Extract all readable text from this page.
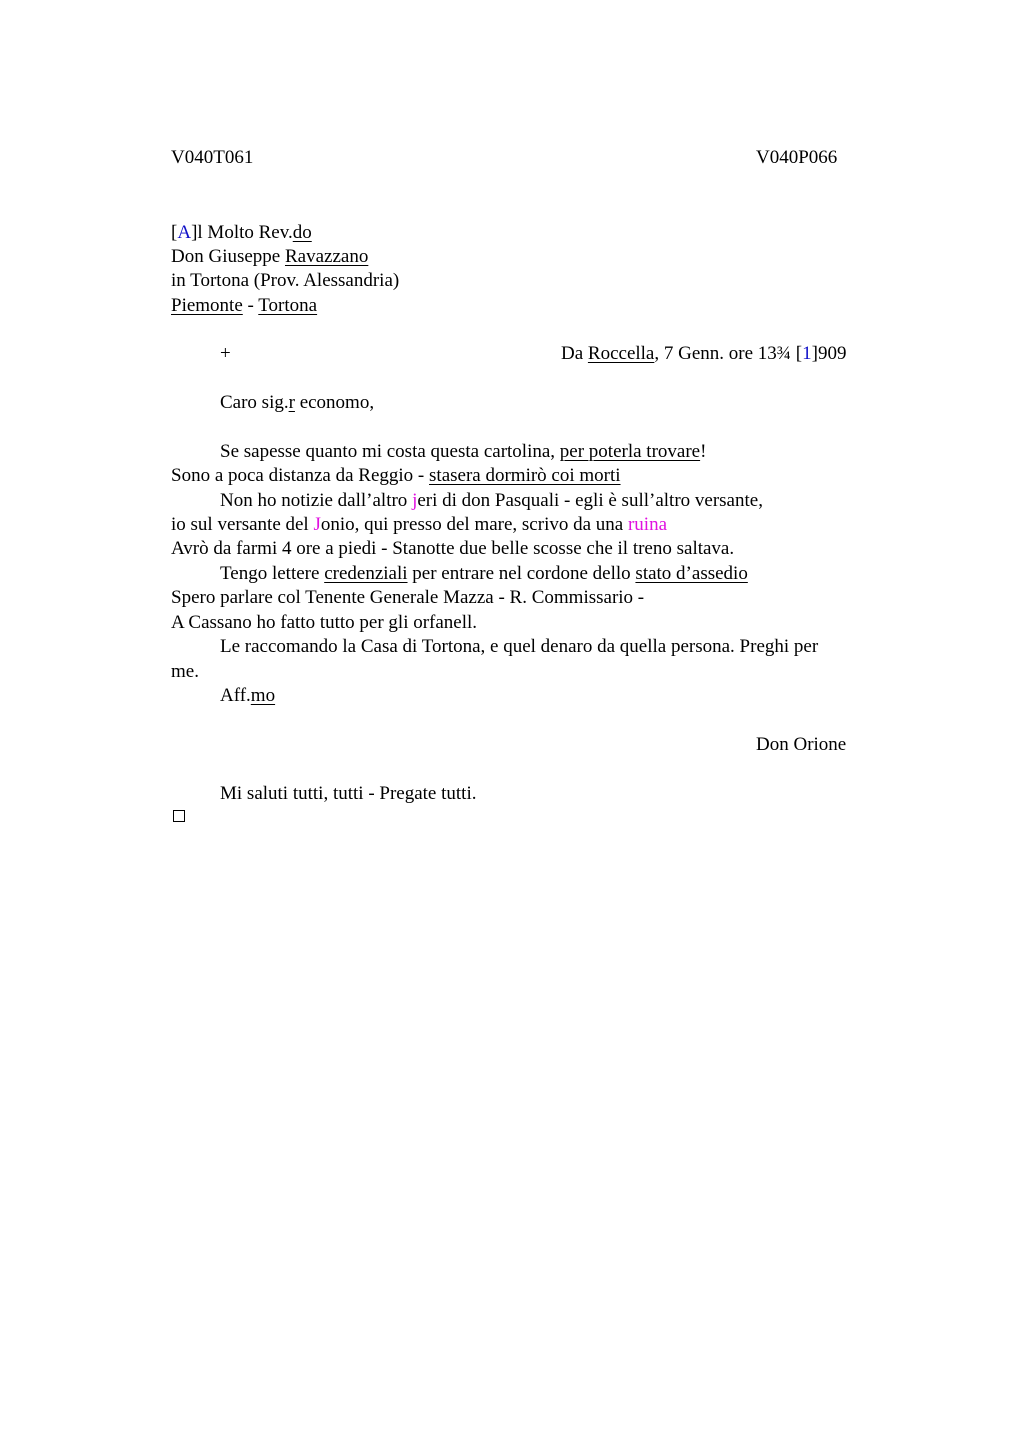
V040T061	V040P066
[A]l Molto Rev.do
Don Giuseppe Ravazzano
in Tortona (Prov. Alessandria)
Piemonte - Tortona
+	Da Roccella, 7 Genn. ore 13¾ [1]909
Caro sig.r economo,
Se sapesse quanto mi costa questa cartolina, per poterla trovare!
Sono a poca distanza da Reggio - stasera dormirò coi morti
Non ho notizie dall’altro jeri di don Pasquali - egli è sull’altro versante,
io sul versante del Jonio, qui presso del mare, scrivo da una ruina
Avrò da farmi 4 ore a piedi - Stanotte due belle scosse che il treno saltava.
Tengo lettere credenziali per entrare nel cordone dello stato d’assedio
Spero parlare col Tenente Generale Mazza - R. Commissario -
A Cassano ho fatto tutto per gli orfanell.
Le raccomando la Casa di Tortona, e quel denaro da quella persona. Preghi per
me.
Aff.mo
Don Orione
Mi saluti tutti, tutti - Pregate tutti.
